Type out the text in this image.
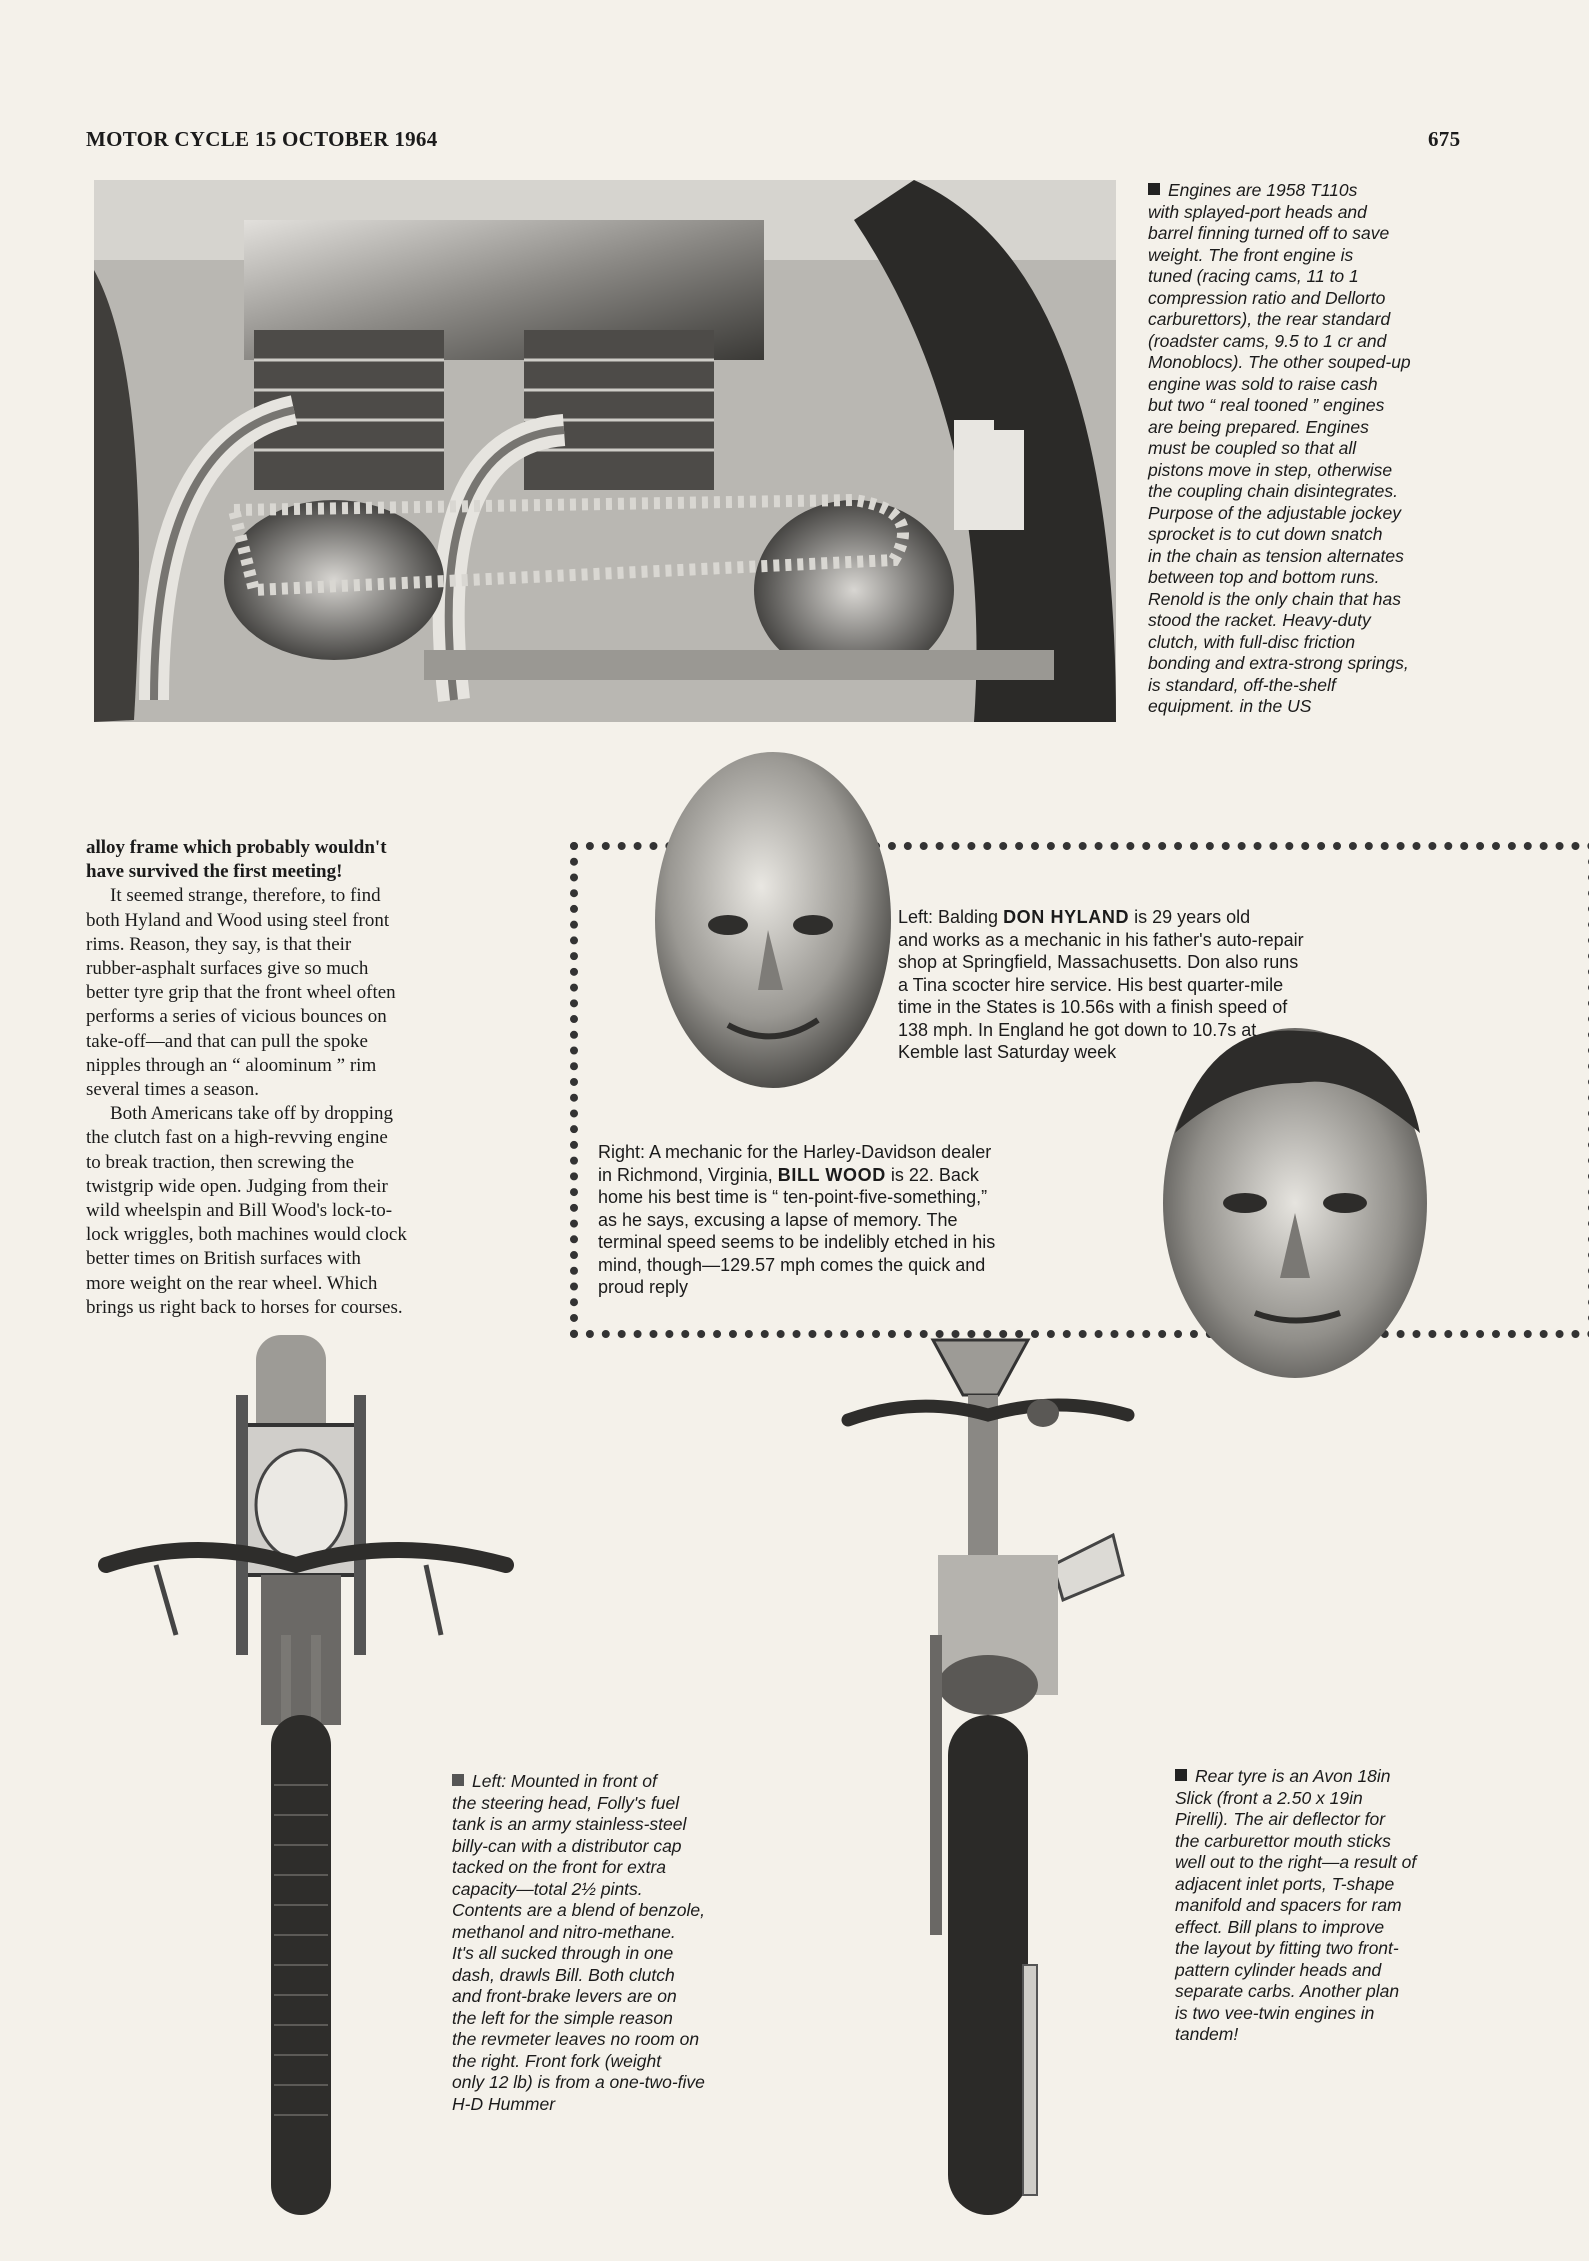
MOTOR CYCLE 15 OCTOBER 1964	675
Engines are 1958 T110s
with splayed-port heads and
barrel finning turned off to save
weight. The front engine is
tuned (racing cams, 11 to 1
compression ratio and Dellorto
carburettors), the rear standard
(roadster cams, 9.5 to 1 cr and
Monoblocs). The other souped-up
engine was sold to raise cash
but two “ real tooned ” engines
are being prepared. Engines
must be coupled so that all
pistons move in step, otherwise
the coupling chain disintegrates.
Purpose of the adjustable jockey
sprocket is to cut down snatch
in the chain as tension alternates
between top and bottom runs.
Renold is the only chain that has
stood the racket. Heavy-duty
clutch, with full-disc friction
bonding and extra-strong springs,
is standard, off-the-shelf
equipment. in the US
alloy frame which probably wouldn't
have survived the first meeting!
It seemed strange, therefore, to find
both Hyland and Wood using steel front
rims. Reason, they say, is that their
rubber-asphalt surfaces give so much
better tyre grip that the front wheel often
performs a series of vicious bounces on
take-off—and that can pull the spoke
nipples through an “ aloominum ” rim
several times a season.
Both Americans take off by dropping
the clutch fast on a high-revving engine
to break traction, then screwing the
twistgrip wide open. Judging from their
wild wheelspin and Bill Wood's lock-to-
lock wriggles, both machines would clock
better times on British surfaces with
more weight on the rear wheel. Which
brings us right back to horses for courses.
Left: Balding DON HYLAND is 29 years old
and works as a mechanic in his father's auto-repair
shop at Springfield, Massachusetts. Don also runs
a Tina scocter hire service. His best quarter-mile
time in the States is 10.56s with a finish speed of
138 mph. In England he got down to 10.7s at
Kemble last Saturday week
Right: A mechanic for the Harley-Davidson dealer
in Richmond, Virginia, BILL WOOD is 22. Back
home his best time is “ ten-point-five-something,”
as he says, excusing a lapse of memory. The
terminal speed seems to be indelibly etched in his
mind, though—129.57 mph comes the quick and
proud reply
Left: Mounted in front of
the steering head, Folly's fuel
tank is an army stainless-steel
billy-can with a distributor cap
tacked on the front for extra
capacity—total 2½ pints.
Contents are a blend of benzole,
methanol and nitro-methane.
It's all sucked through in one
dash, drawls Bill. Both clutch
and front-brake levers are on
the left for the simple reason
the revmeter leaves no room on
the right. Front fork (weight
only 12 lb) is from a one-two-five
H-D Hummer
Rear tyre is an Avon 18in
Slick (front a 2.50 x 19in
Pirelli). The air deflector for
the carburettor mouth sticks
well out to the right—a result of
adjacent inlet ports, T-shape
manifold and spacers for ram
effect. Bill plans to improve
the layout by fitting two front-
pattern cylinder heads and
separate carbs. Another plan
is two vee-twin engines in
tandem!
